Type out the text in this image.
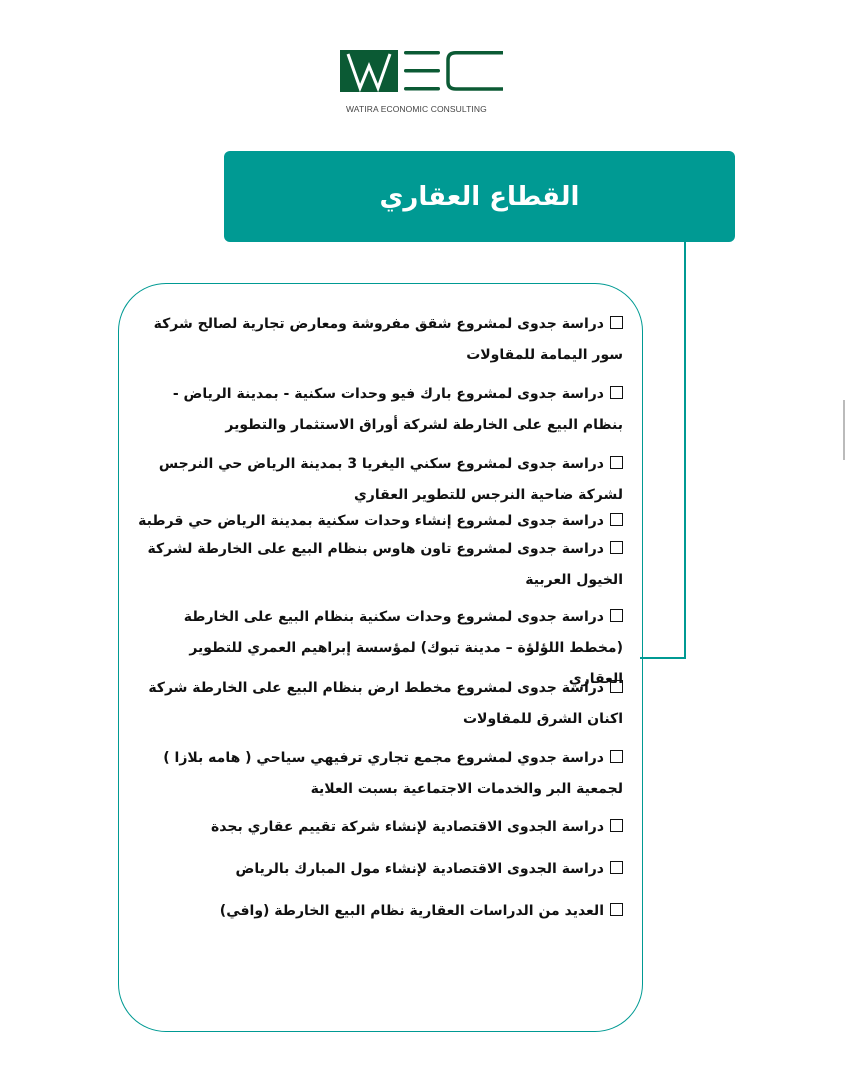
WATIRA ECONOMIC CONSULTING
القطاع العقاري
دراسة جدوى لمشروع شقق مفروشة ومعارض تجارية لصالح شركة سور اليمامة للمقاولات
دراسة جدوى لمشروع بارك فيو وحدات سكنية - بمدينة الرياض - بنظام البيع على الخارطة لشركة أوراق الاستثمار والتطوير
دراسة جدوى لمشروع سكني اليغريا 3 بمدينة الرياض حي النرجس لشركة ضاحية النرجس للتطوير العقاري
دراسة جدوى لمشروع إنشاء وحدات سكنية بمدينة الرياض حي قرطبة
دراسة جدوى لمشروع تاون هاوس بنظام البيع على الخارطة لشركة الخيول العربية
دراسة جدوى لمشروع وحدات سكنية بنظام البيع على الخارطة (مخطط اللؤلؤة – مدينة تبوك) لمؤسسة إبراهيم العمري للتطوير العقاري
دراسة جدوى لمشروع مخطط ارض بنظام البيع على الخارطة شركة اكنان الشرق للمقاولات
دراسة جدوي لمشروع مجمع تجاري ترفيهي سياحي ( هامه بلازا ) لجمعية البر والخدمات الاجتماعية بسبت العلاية
دراسة الجدوى الاقتصادية لإنشاء شركة تقييم عقاري بجدة
دراسة الجدوى الاقتصادية لإنشاء مول المبارك بالرياض
العديد من الدراسات العقارية نظام البيع الخارطة (وافي)
